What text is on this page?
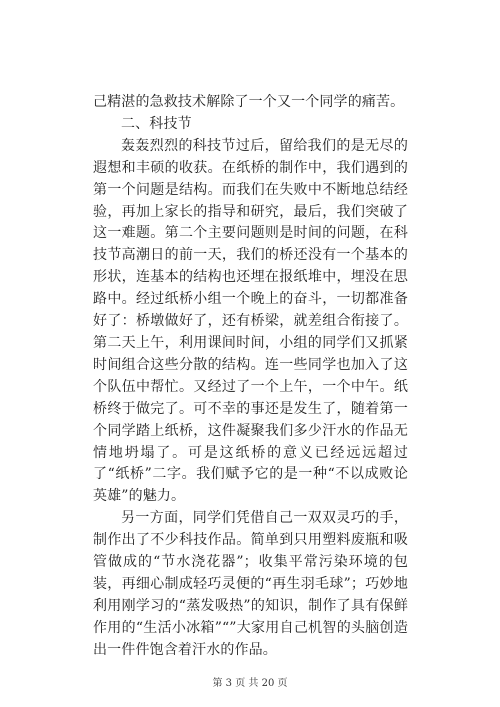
己精湛的急救技术解除了一个又一个同学的痛苦。

二、科技节

轰轰烈烈的科技节过后，留给我们的是无尽的遐想和丰硕的收获。在纸桥的制作中，我们遇到的第一个问题是结构。而我们在失败中不断地总结经验，再加上家长的指导和研究，最后，我们突破了这一难题。第二个主要问题则是时间的问题，在科技节高潮日的前一天，我们的桥还没有一个基本的形状，连基本的结构也还埋在报纸堆中，埋没在思路中。经过纸桥小组一个晚上的奋斗，一切都准备好了：桥墩做好了，还有桥梁，就差组合衔接了。第二天上午，利用课间时间，小组的同学们又抓紧时间组合这些分散的结构。连一些同学也加入了这个队伍中帮忙。又经过了一个上午，一个中午。纸桥终于做完了。可不幸的事还是发生了，随着第一个同学踏上纸桥，这件凝聚我们多少汗水的作品无情地坍塌了。可是这纸桥的意义已经远远超过了“纸桥”二字。我们赋予它的是一种“不以成败论英雄”的魅力。

另一方面，同学们凭借自己一双双灵巧的手，制作出了不少科技作品。简单到只用塑料废瓶和吸管做成的“节水浇花器”；收集平常污染环境的包装，再细心制成轻巧灵便的“再生羽毛球”；巧妙地利用刚学习的“蒸发吸热”的知识，制作了具有保鲜作用的“生活小冰箱”“”大家用自己机智的头脑创造出一件件饱含着汗水的作品。

第 3 页 共 20 页
